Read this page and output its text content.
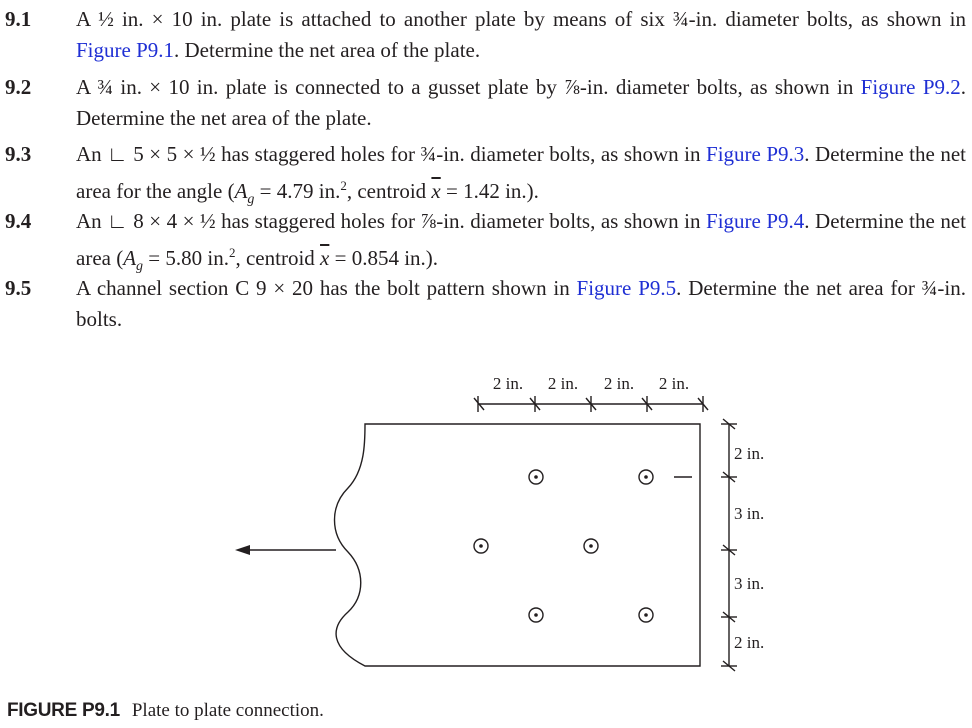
9.1 A ½ in. × 10 in. plate is attached to another plate by means of six ¾-in. diameter bolts, as shown in Figure P9.1. Determine the net area of the plate.
9.2 A ¾ in. × 10 in. plate is connected to a gusset plate by ⅞-in. diameter bolts, as shown in Figure P9.2. Determine the net area of the plate.
9.3 An ∟ 5 × 5 × ½ has staggered holes for ¾-in. diameter bolts, as shown in Figure P9.3. Determine the net area for the angle ($A_g = 4.79$ in.$^2$, centroid $\overline{x} = 1.42$ in.).
9.4 An ∟ 8 × 4 × ½ has staggered holes for ⅞-in. diameter bolts, as shown in Figure P9.4. Determine the net area ($A_g = 5.80$ in.$^2$, centroid $\overline{x} = 0.854$ in.).
9.5 A channel section C 9 × 20 has the bolt pattern shown in Figure P9.5. Determine the net area for ¾-in. bolts.
2 in. 2 in. 2 in. 2 in.
2 in.
3 in.
3 in.
2 in.
FIGURE P9.1 Plate to plate connection.
